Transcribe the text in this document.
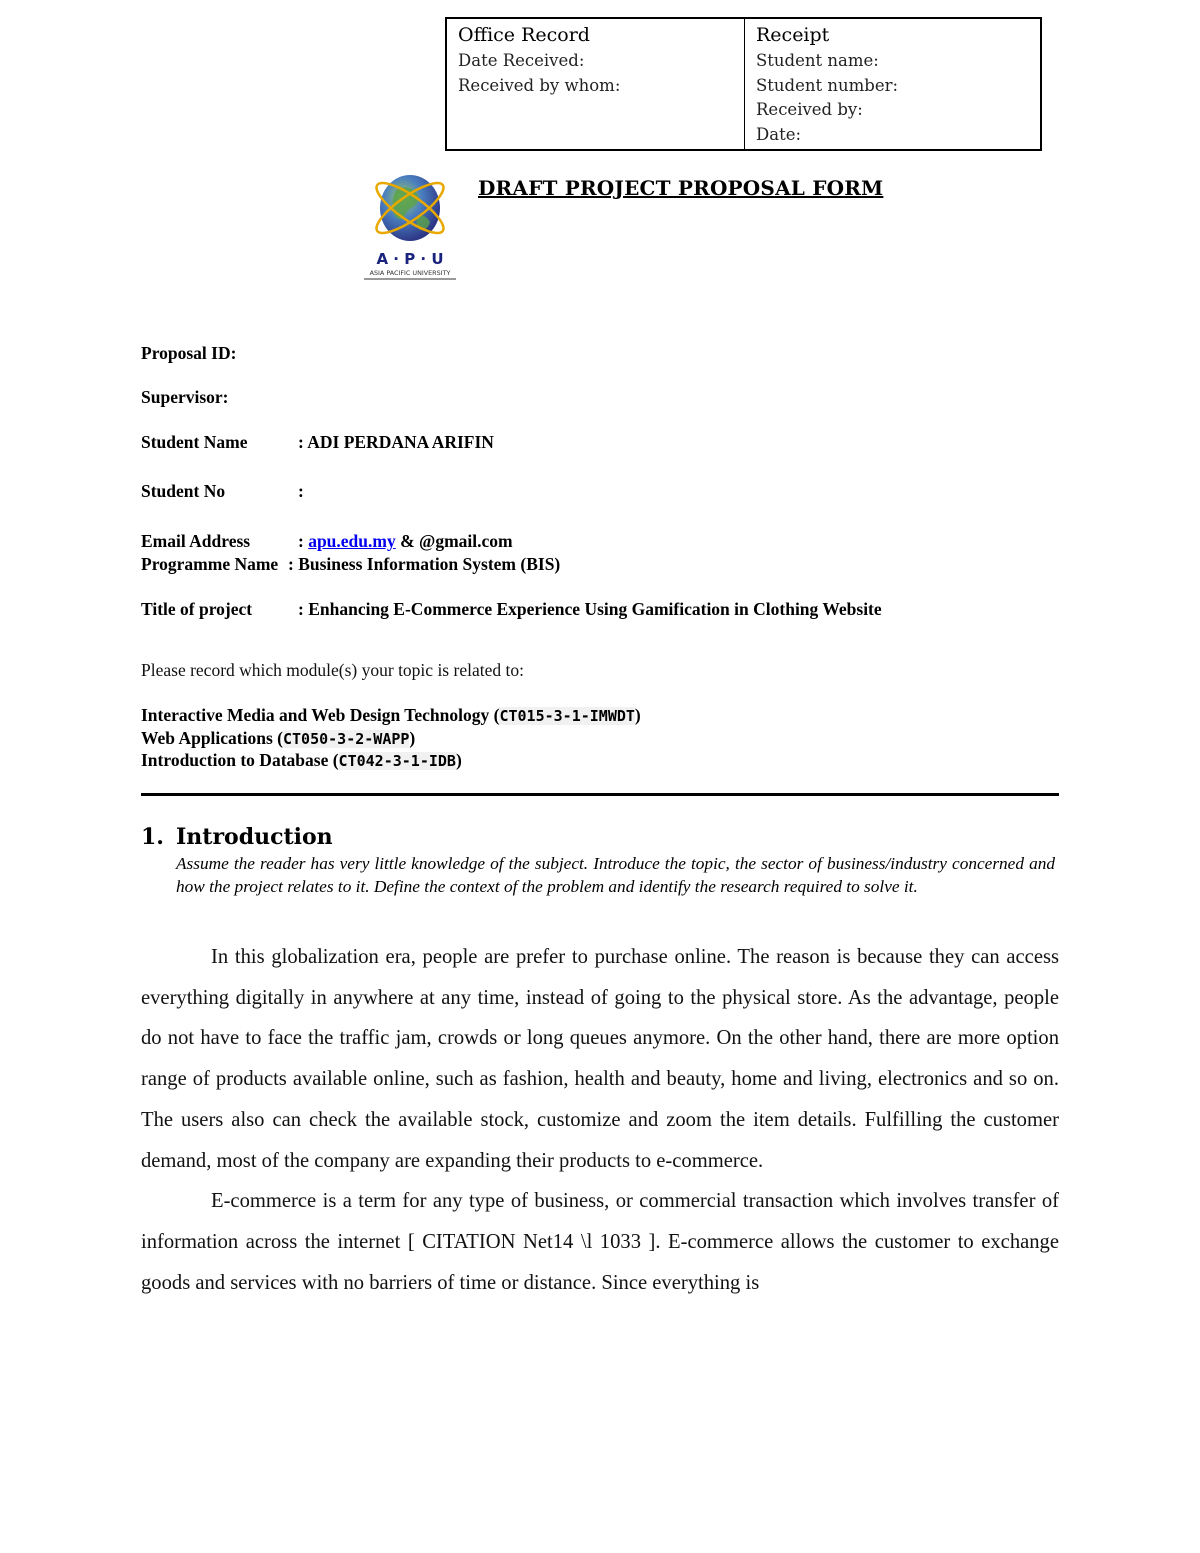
Office Record
Date Received:
Received by whom:

Receipt
Student name:
Student number:
Received by:
Date:
A · P · U
ASIA PACIFIC UNIVERSITY
DRAFT PROJECT PROPOSAL FORM
Proposal ID:
Supervisor:
Student Name	: ADI PERDANA ARIFIN
Student No	:
Email Address	: apu.edu.my & @gmail.com
Programme Name : Business Information System (BIS)
Title of project	: Enhancing E-Commerce Experience Using Gamification in Clothing Website
Please record which module(s) your topic is related to:
Interactive Media and Web Design Technology (CT015-3-1-IMWDT)
Web Applications (CT050-3-2-WAPP)
Introduction to Database (CT042-3-1-IDB)
1. Introduction
Assume the reader has very little knowledge of the subject. Introduce the topic, the sector of business/industry concerned and how the project relates to it. Define the context of the problem and identify the research required to solve it.

In this globalization era, people are prefer to purchase online. The reason is because they can access everything digitally in anywhere at any time, instead of going to the physical store. As the advantage, people do not have to face the traffic jam, crowds or long queues anymore. On the other hand, there are more option range of products available online, such as fashion, health and beauty, home and living, electronics and so on. The users also can check the available stock, customize and zoom the item details. Fulfilling the customer demand, most of the company are expanding their products to e-commerce.

E-commerce is a term for any type of business, or commercial transaction which involves transfer of information across the internet [ CITATION Net14 \l 1033 ]. E-commerce allows the customer to exchange goods and services with no barriers of time or distance. Since everything is
